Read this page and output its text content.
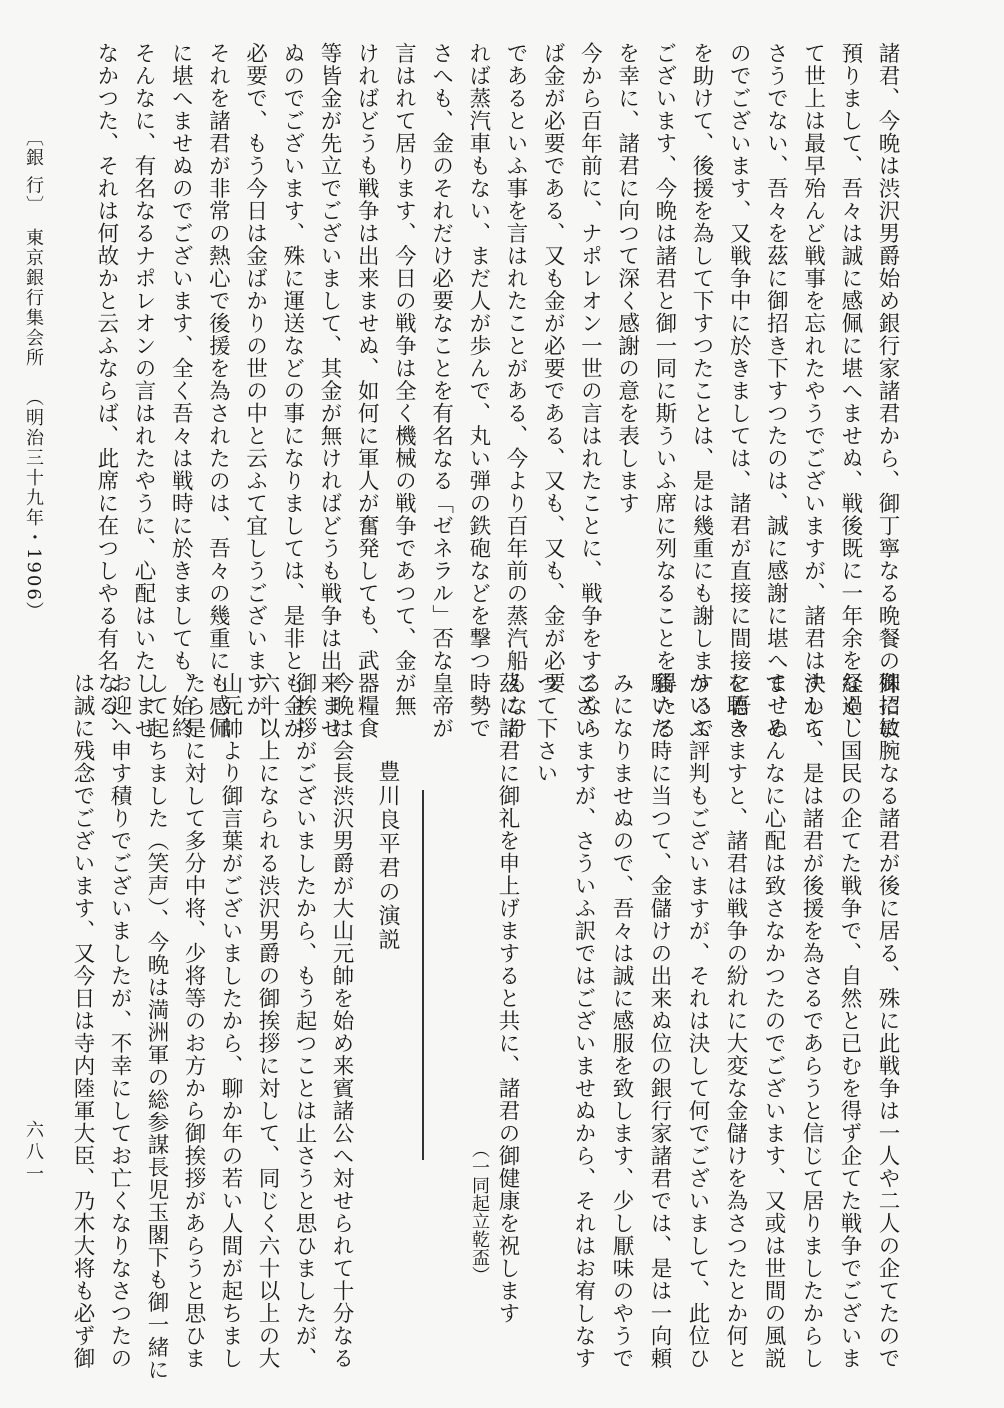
諸君、今晩は渋沢男爵始め銀行家諸君から、御丁寧なる晩餐の御招に
預りまして、吾々は誠に感佩に堪へませぬ、戦後既に一年余を経過し
て世上は最早殆んど戦事を忘れたやうでございますが、諸君は決して
さうでない、吾々を茲に御招き下すつたのは、誠に感謝に堪へませぬ
のでございます、又戦争中に於きましては、諸君が直接に間接に吾々
を助けて、後援を為して下すつたことは、是は幾重にも謝しまするで
ございます、今晩は諸君と御一同に斯ういふ席に列なることを得たる
を幸に、諸君に向つて深く感謝の意を表します
今から百年前に、ナポレオン一世の言はれたことに、戦争をするなら
ば金が必要である、又も金が必要である、又も、又も、金が必要
であるといふ事を言はれたことがある、今より百年前の蒸汽船もなけ
れば蒸汽車もない、まだ人が歩んで、丸い弾の鉄砲などを撃つ時勢で
さへも、金のそれだけ必要なことを有名なる「ゼネラル」否な皇帝が
言はれて居ります、今日の戦争は全く機械の戦争であつて、金が無
ければどうも戦争は出来ませぬ、如何に軍人が奮発しても、武器糧食
等皆金が先立でございまして、其金が無ければどうも戦争は出来ませ
ぬのでございます、殊に運送などの事になりましては、是非とも金が
必要で、もう今日は金ばかりの世の中と云ふて宜しうございますが、
それを諸君が非常の熱心で後援を為されたのは、吾々の幾重にも感佩
に堪へませぬのでございます、全く吾々は戦時に於きましても、始終
そんなに、有名なるナポレオンの言はれたやうに、心配はいたしませ
なかつた、それは何故かと云ふならば、此席に在つしやる有名なる、
殊に敏腕なる諸君が後に居る、殊に此戦争は一人や二人の企てたので
なく、国民の企てた戦争で、自然と已むを得ず企てた戦争でございま
すから、是は諸君が後援を為さるであらうと信じて居りましたからし
て、そんなに心配は致さなかつたのでございます、又或は世間の風説
を聴きますと、諸君は戦争の紛れに大変な金儲けを為さつたとか何と
かいふ評判もございますが、それは決して何でございまして、此位ひ
騒いだ時に当つて、金儲けの出来ぬ位の銀行家諸君では、是は一向頼
みになりませぬので、吾々は誠に感服を致します、少し厭味のやうで
ございますが、さういふ訳ではございませぬから、それはお宥しなす
つて下さい
茲に諸君に御礼を申上げますると共に、諸君の御健康を祝します
（一同起立乾盃）
豊川良平君の演説
今晩は会長渋沢男爵が大山元帥を始め来賓諸公へ対せられて十分なる
御挨拶がございましたから、もう起つことは止さうと思ひましたが、
六十以上になられる渋沢男爵の御挨拶に対して、同じく六十以上の大
山元帥より御言葉がございましたから、聊か年の若い人間が起ちまし
たら是に対して多分中将、少将等のお方から御挨拶があらうと思ひま
して起ちました（笑声）、今晩は満洲軍の総参謀長児玉閣下も御一緒に
お迎へ申す積りでございましたが、不幸にしてお亡くなりなさつたの
は誠に残念でございます、又今日は寺内陸軍大臣、乃木大将も必ず御
〔銀 行〕
東京銀行集会所
（明治三十九年・1906）
六八一
